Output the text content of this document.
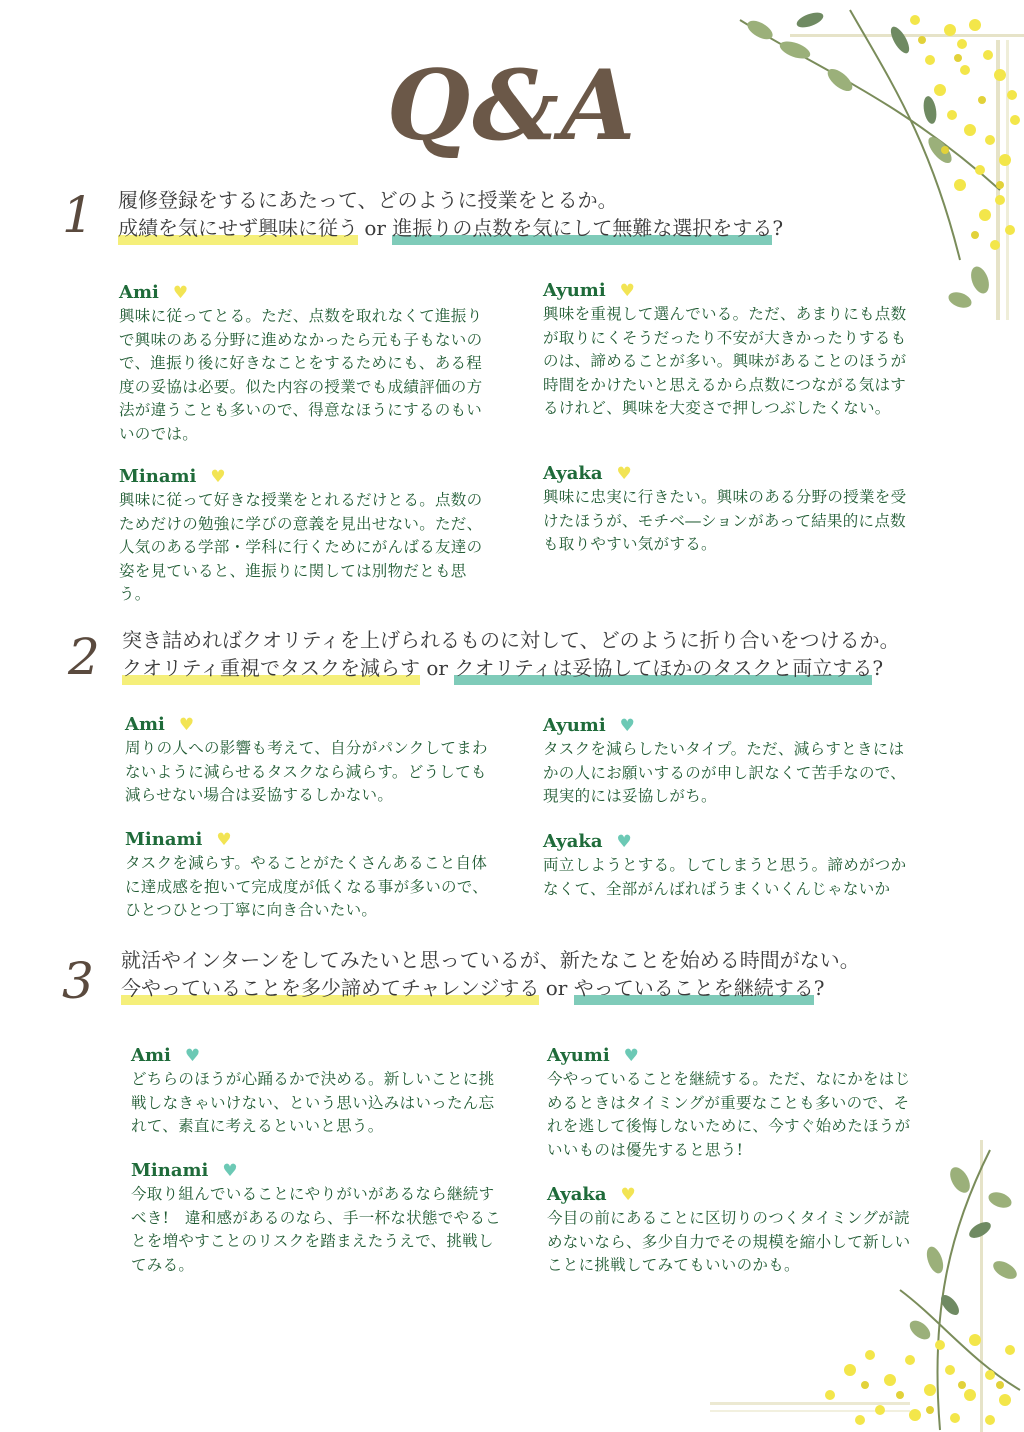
Q&A
1 履修登録をするにあたって、どのように授業をとるか。
成績を気にせず興味に従う or 進振りの点数を気にして無難な選択をする?
Ami ♥
興味に従ってとる。ただ、点数を取れなくて進振りで興味のある分野に進めなかったら元も子もないので、進振り後に好きなことをするためにも、ある程度の妥協は必要。似た内容の授業でも成績評価の方法が違うことも多いので、得意なほうにするのもいいのでは。
Ayumi ♥
興味を重視して選んでいる。ただ、あまりにも点数が取りにくそうだったり不安が大きかったりするものは、諦めることが多い。興味があることのほうが時間をかけたいと思えるから点数につながる気はするけれど、興味を大変さで押しつぶしたくない。
Minami ♥
興味に従って好きな授業をとれるだけとる。点数のためだけの勉強に学びの意義を見出せない。ただ、人気のある学部・学科に行くためにがんばる友達の姿を見ていると、進振りに関しては別物だとも思う。
Ayaka ♥
興味に忠実に行きたい。興味のある分野の授業を受けたほうが、モチベ―ションがあって結果的に点数も取りやすい気がする。
2 突き詰めればクオリティを上げられるものに対して、どのように折り合いをつけるか。
クオリティ重視でタスクを減らす or クオリティは妥協してほかのタスクと両立する?
Ami ♥
周りの人への影響も考えて、自分がパンクしてまわないように減らせるタスクなら減らす。どうしても減らせない場合は妥協するしかない。
Ayumi ♥
タスクを減らしたいタイプ。ただ、減らすときにはかの人にお願いするのが申し訳なくて苦手なので、現実的には妥協しがち。
Minami ♥
タスクを減らす。やることがたくさんあること自体に達成感を抱いて完成度が低くなる事が多いので、ひとつひとつ丁寧に向き合いたい。
Ayaka ♥
両立しようとする。してしまうと思う。諦めがつかなくて、全部がんばればうまくいくんじゃないか
3 就活やインターンをしてみたいと思っているが、新たなことを始める時間がない。
今やっていることを多少諦めてチャレンジする or やっていることを継続する?
Ami ♥
どちらのほうが心踊るかで決める。新しいことに挑戦しなきゃいけない、という思い込みはいったん忘れて、素直に考えるといいと思う。
Ayumi ♥
今やっていることを継続する。ただ、なにかをはじめるときはタイミングが重要なことも多いので、それを逃して後悔しないために、今すぐ始めたほうがいいものは優先すると思う!
Minami ♥
今取り組んでいることにやりがいがあるなら継続すべき!　違和感があるのなら、手一杯な状態でやることを増やすことのリスクを踏まえたうえで、挑戦してみる。
Ayaka ♥
今目の前にあることに区切りのつくタイミングが読めないなら、多少自力でその規模を縮小して新しいことに挑戦してみてもいいのかも。
